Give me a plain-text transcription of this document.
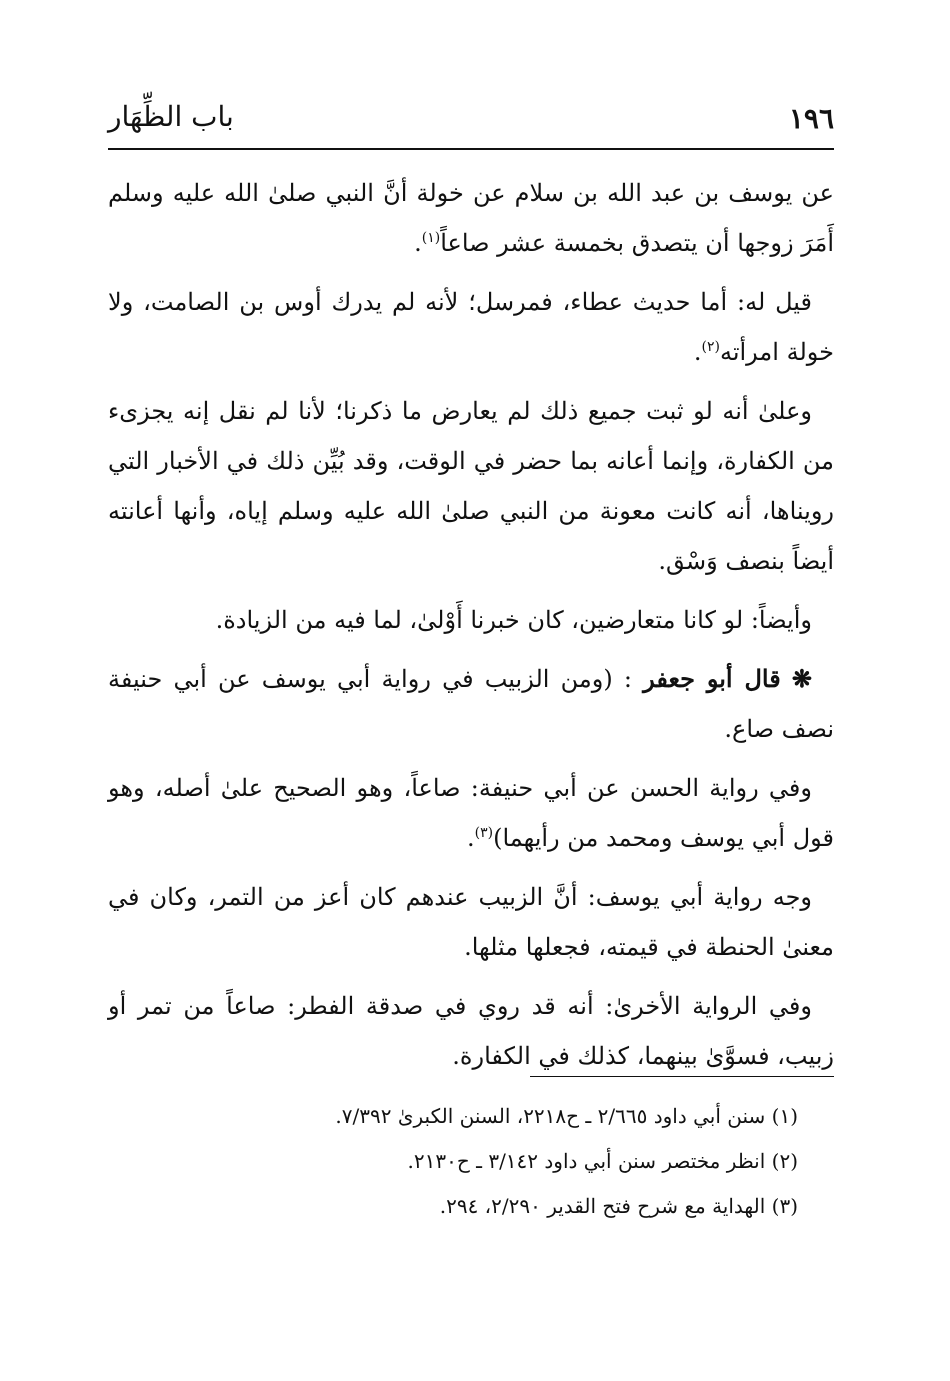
١٩٦
باب الظِّهَار

عن يوسف بن عبد الله بن سلام عن خولة أنَّ النبي صلىٰ الله عليه وسلم أَمَرَ زوجها أن يتصدق بخمسة عشر صاعاً$^{(١)}$.

قيل له: أما حديث عطاء، فمرسل؛ لأنه لم يدرك أوس بن الصامت، ولا خولة امرأته$^{(٢)}$.

وعلىٰ أنه لو ثبت جميع ذلك لم يعارض ما ذكرنا؛ لأنا لم نقل إنه يجزىء من الكفارة، وإنما أعانه بما حضر في الوقت، وقد بُيِّن ذلك في الأخبار التي رويناها، أنه كانت معونة من النبي صلىٰ الله عليه وسلم إياه، وأنها أعانته أيضاً بنصف وَسْق.

وأيضاً: لو كانا متعارضين، كان خبرنا أَوْلىٰ، لما فيه من الزيادة.

❋ قال أبو جعفر : (ومن الزبيب في رواية أبي يوسف عن أبي حنيفة نصف صاع.

وفي رواية الحسن عن أبي حنيفة: صاعاً، وهو الصحيح علىٰ أصله، وهو قول أبي يوسف ومحمد من رأيهما)$^{(٣)}$.

وجه رواية أبي يوسف: أنَّ الزبيب عندهم كان أعز من التمر، وكان في معنىٰ الحنطة في قيمته، فجعلها مثلها.

وفي الرواية الأخرىٰ: أنه قد روي في صدقة الفطر: صاعاً من تمر أو زبيب، فسوَّىٰ بينهما، كذلك في الكفارة.

(١) سنن أبي داود ٢/٦٦٥ ـ ح٢٢١٨، السنن الكبرىٰ ٧/٣٩٢.

(٢) انظر مختصر سنن أبي داود ٣/١٤٢ ـ ح٢١٣٠.

(٣) الهداية مع شرح فتح القدير ٢/٢٩٠، ٢٩٤.
